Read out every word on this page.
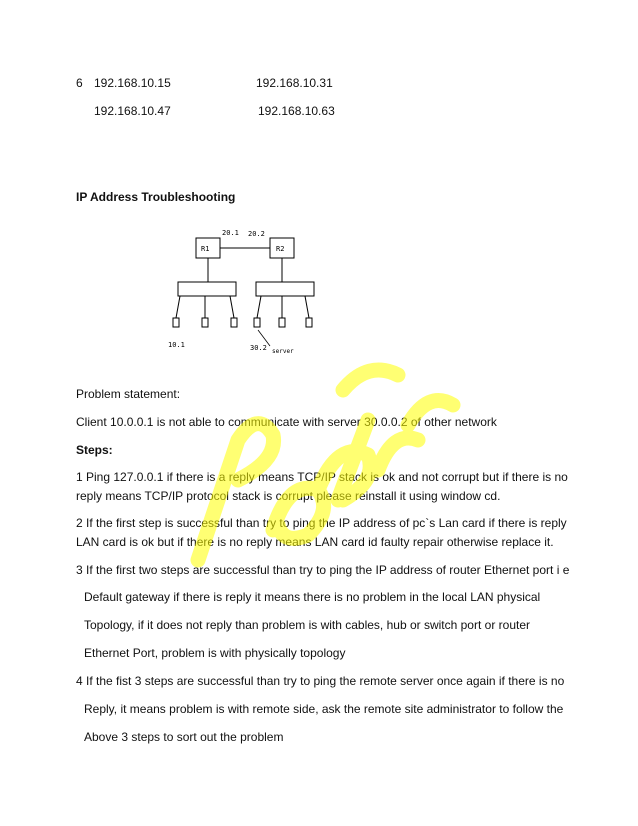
6 192.168.10.15	192.168.10.31
192.168.10.47	192.168.10.63
IP Address Troubleshooting
R1	R2
20.1 20.2
10.1	30.2 server
Problem statement:
Client 10.0.0.1 is not able to communicate with server 30.0.0.2 of other network
Steps:
1 Ping 127.0.0.1 if there is a reply means TCP/IP stack is ok and not corrupt but if there is no
reply means TCP/IP protocol stack is corrupt please reinstall it using window cd.
2 If the first step is successful than try to ping the IP address of pc`s Lan card if there is reply
LAN card is ok but if there is no reply means LAN card id faulty repair otherwise replace it.
3 If the first two steps are successful than try to ping the IP address of router Ethernet port i e
Default gateway if there is reply it means there is no problem in the local LAN physical
Topology, if it does not reply than problem is with cables, hub or switch port or router
Ethernet Port, problem is with physically topology
4 If the fist 3 steps are successful than try to ping the remote server once again if there is no
Reply, it means problem is with remote side, ask the remote site administrator to follow the
Above 3 steps to sort out the problem
